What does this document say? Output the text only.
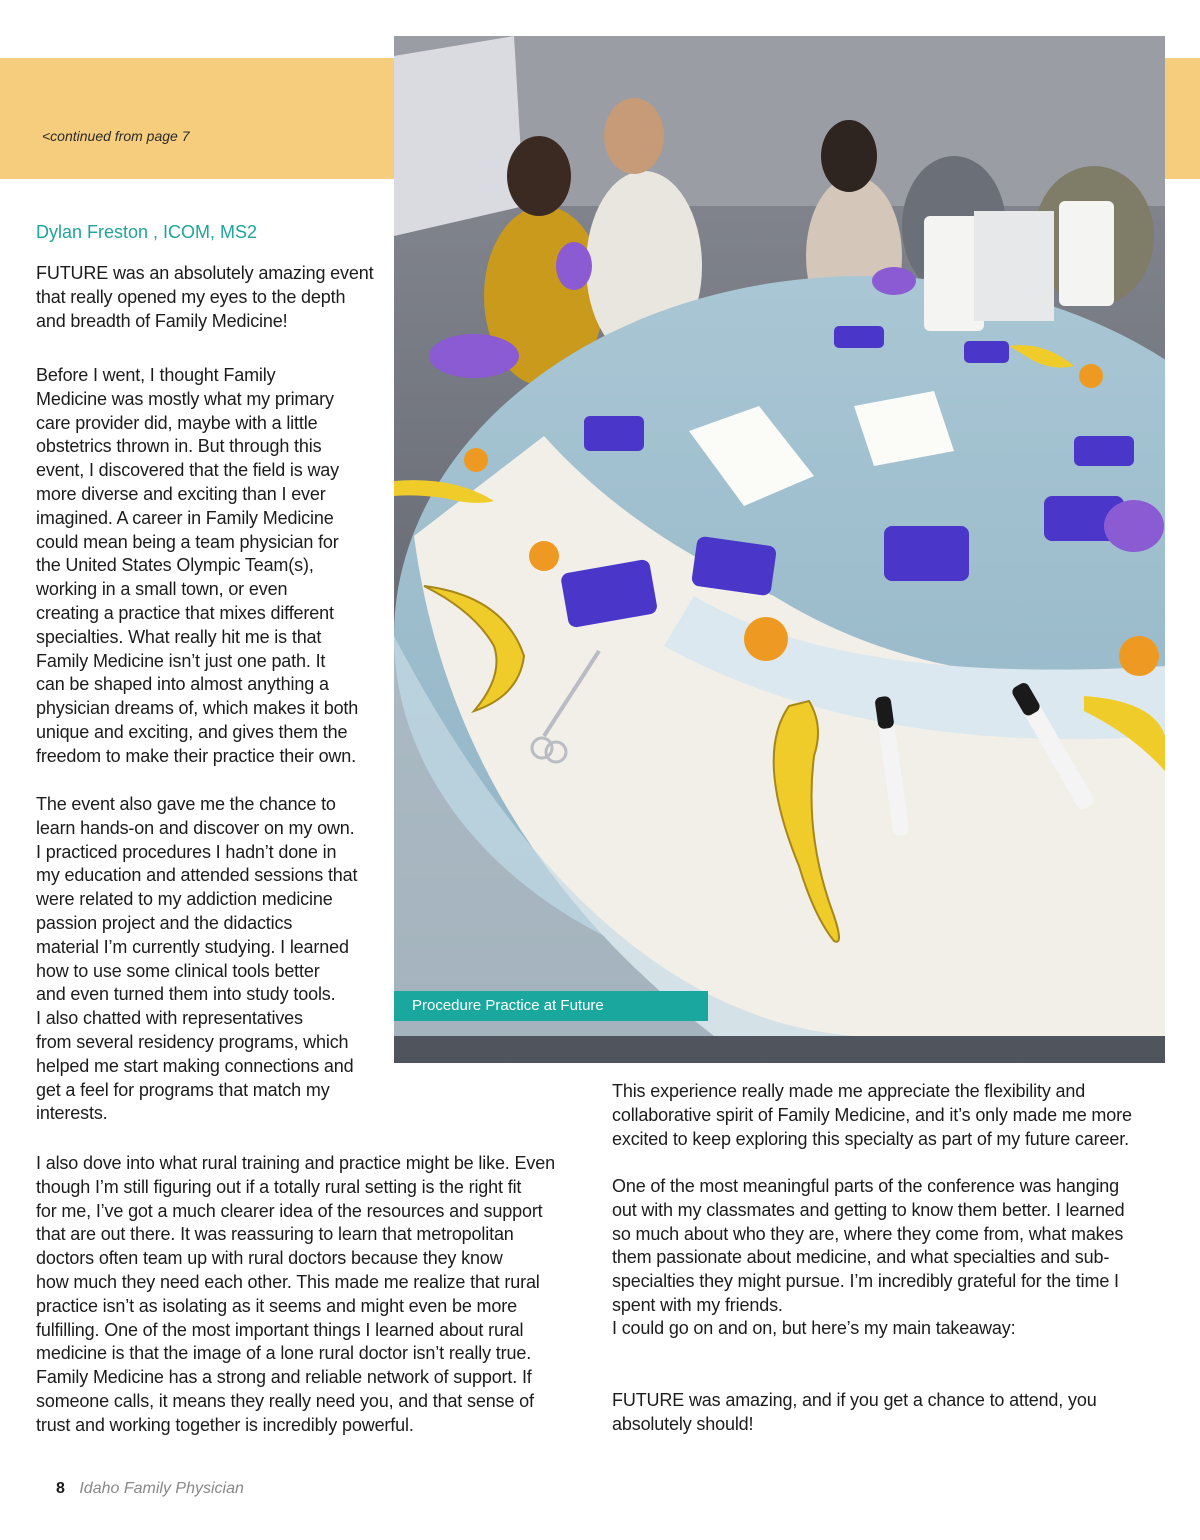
<continued from page 7
Dylan Freston , ICOM, MS2

FUTURE was an absolutely amazing event
that really opened my eyes to the depth
and breadth of Family Medicine!

Before I went, I thought Family
Medicine was mostly what my primary
care provider did, maybe with a little
obstetrics thrown in. But through this
event, I discovered that the field is way
more diverse and exciting than I ever
imagined. A career in Family Medicine
could mean being a team physician for
the United States Olympic Team(s),
working in a small town, or even
creating a practice that mixes different
specialties. What really hit me is that
Family Medicine isn’t just one path. It
can be shaped into almost anything a
physician dreams of, which makes it both
unique and exciting, and gives them the
freedom to make their practice their own.

The event also gave me the chance to
learn hands-on and discover on my own.
I practiced procedures I hadn’t done in
my education and attended sessions that
were related to my addiction medicine
passion project and the didactics
material I’m currently studying. I learned
how to use some clinical tools better
and even turned them into study tools.
I also chatted with representatives
from several residency programs, which
helped me start making connections and
get a feel for programs that match my
interests.

I also dove into what rural training and practice might be like. Even
though I’m still figuring out if a totally rural setting is the right fit
for me, I’ve got a much clearer idea of the resources and support
that are out there. It was reassuring to learn that metropolitan
doctors often team up with rural doctors because they know
how much they need each other. This made me realize that rural
practice isn’t as isolating as it seems and might even be more
fulfilling. One of the most important things I learned about rural
medicine is that the image of a lone rural doctor isn’t really true.
Family Medicine has a strong and reliable network of support. If
someone calls, it means they really need you, and that sense of
trust and working together is incredibly powerful.

This experience really made me appreciate the flexibility and
collaborative spirit of Family Medicine, and it’s only made me more
excited to keep exploring this specialty as part of my future career.

One of the most meaningful parts of the conference was hanging
out with my classmates and getting to know them better. I learned
so much about who they are, where they come from, what makes
them passionate about medicine, and what specialties and sub-
specialties they might pursue. I’m incredibly grateful for the time I
spent with my friends.

I could go on and on, but here’s my main takeaway:

FUTURE was amazing, and if you get a chance to attend, you
absolutely should!

Procedure Practice at Future
8 Idaho Family Physician
